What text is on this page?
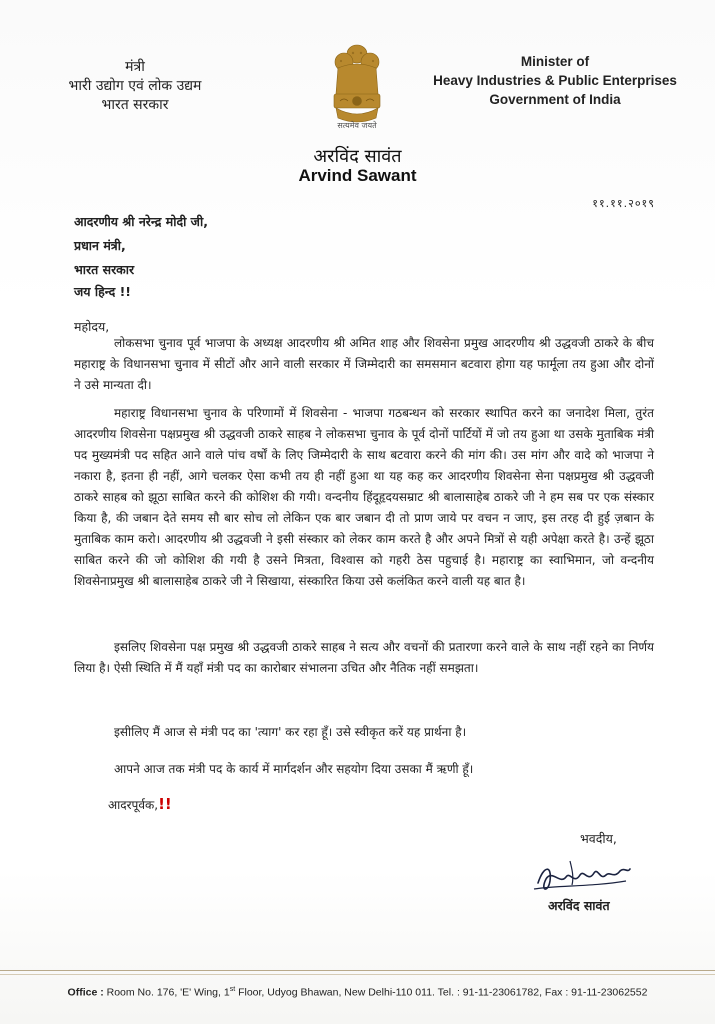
मंत्री
भारी उद्योग एवं लोक उद्यम
भारत सरकार
सत्यमेव जयते
Minister of
Heavy Industries & Public Enterprises
Government of India
अरविंद सावंत
Arvind Sawant
११.११.२०१९
आदरणीय श्री नरेन्द्र मोदी जी,
प्रधान मंत्री,
भारत सरकार
जय हिन्द !!
महोदय,
लोकसभा चुनाव पूर्व भाजपा के अध्यक्ष आदरणीय श्री अमित शाह और शिवसेना प्रमुख आदरणीय श्री उद्धवजी ठाकरे के बीच महाराष्ट्र के विधानसभा चुनाव में सीटों और आने वाली सरकार में जिम्मेदारी का समसमान बटवारा होगा यह फार्मूला तय हुआ और दोनों ने उसे मान्यता दी।
महाराष्ट्र विधानसभा चुनाव के परिणामों में शिवसेना - भाजपा गठबन्धन को सरकार स्थापित करने का जनादेश मिला, तुरंत आदरणीय शिवसेना पक्षप्रमुख श्री उद्धवजी ठाकरे साहब ने लोकसभा चुनाव के पूर्व दोनों पार्टियों में जो तय हुआ था उसके मुताबिक मंत्री पद मुख्यमंत्री पद सहित आने वाले पांच वर्षों के लिए जिम्मेदारी के साथ बटवारा करने की मांग की। उस मांग और वादे को भाजपा ने नकारा है, इतना ही नहीं, आगे चलकर ऐसा कभी तय ही नहीं हुआ था यह कह कर आदरणीय शिवसेना सेना पक्षप्रमुख श्री उद्धवजी ठाकरे साहब को झूठा साबित करने की कोशिश की गयी। वन्दनीय हिंदूहृदयसम्राट श्री बालासाहेब ठाकरे जी ने हम सब पर एक संस्कार किया है, की जबान देते समय सौ बार सोच लो लेकिन एक बार जबान दी तो प्राण जाये पर वचन न जाए, इस तरह दी हुई ज़बान के मुताबिक काम करो। आदरणीय श्री उद्धवजी ने इसी संस्कार को लेकर काम करते है और अपने मित्रों से यही अपेक्षा करते है। उन्हें झूठा साबित करने की जो कोशिश की गयी है उसने मित्रता, विश्वास को गहरी ठेस पहुचाई है। महाराष्ट्र का स्वाभिमान, जो वन्दनीय शिवसेनाप्रमुख श्री बालासाहेब ठाकरे जी ने सिखाया, संस्कारित किया उसे कलंकित करने वाली यह बात है।
इसलिए शिवसेना पक्ष प्रमुख श्री उद्धवजी ठाकरे साहब ने सत्य और वचनों की प्रतारणा करने वाले के साथ नहीं रहने का निर्णय लिया है। ऐसी स्थिति में मैं यहाँ मंत्री पद का कारोबार संभालना उचित और नैतिक नहीं समझता।
इसीलिए मैं आज से मंत्री पद का 'त्याग' कर रहा हूँ। उसे स्वीकृत करें यह प्रार्थना है।
आपने आज तक मंत्री पद के कार्य में मार्गदर्शन और सहयोग दिया उसका मैं ऋणी हूँ।
आदरपूर्वक,!!
भवदीय,
अरविंद सावंत
Office : Room No. 176, 'E' Wing, 1st Floor, Udyog Bhawan, New Delhi-110 011. Tel. : 91-11-23061782, Fax : 91-11-23062552
